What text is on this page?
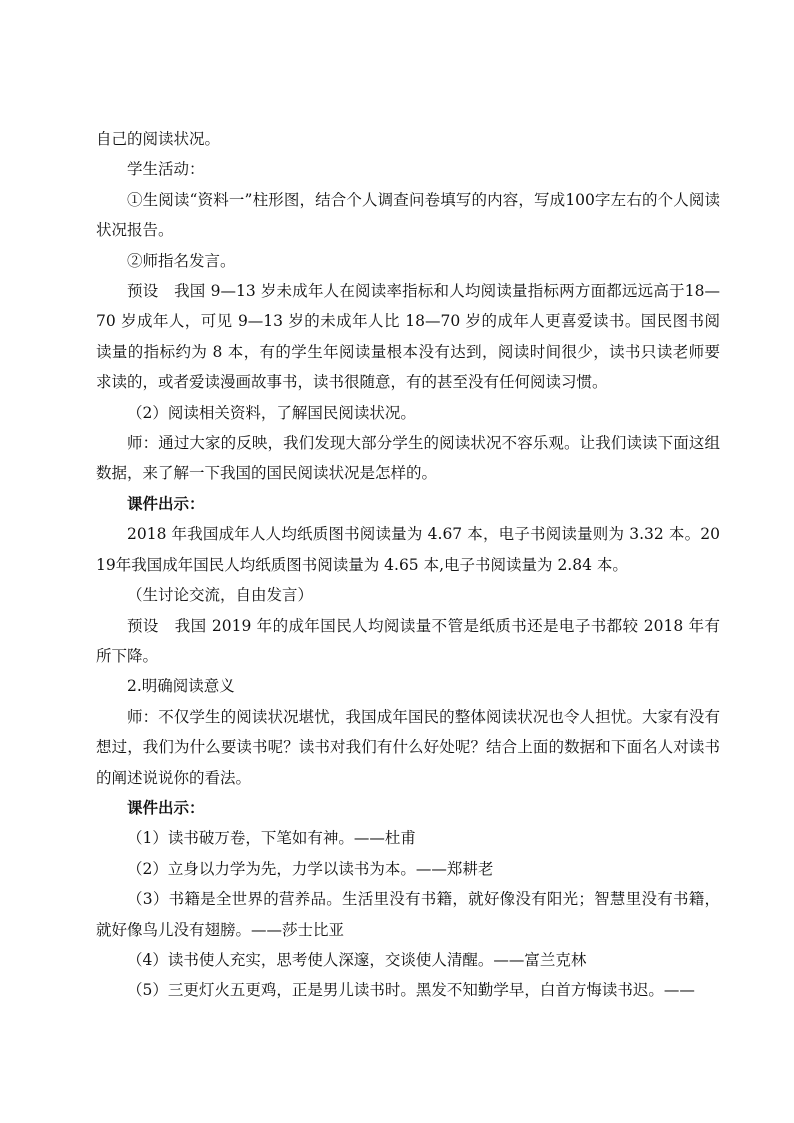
自己的阅读状况。

学生活动：

①生阅读“资料一”柱形图，结合个人调查问卷填写的内容，写成100字左右的个人阅读状况报告。

②师指名发言。

预设　我国 9—13 岁未成年人在阅读率指标和人均阅读量指标两方面都远远高于18—70 岁成年人，可见 9—13 岁的未成年人比 18—70 岁的成年人更喜爱读书。国民图书阅读量的指标约为 8 本，有的学生年阅读量根本没有达到，阅读时间很少，读书只读老师要求读的，或者爱读漫画故事书，读书很随意，有的甚至没有任何阅读习惯。

（2）阅读相关资料，了解国民阅读状况。

师：通过大家的反映，我们发现大部分学生的阅读状况不容乐观。让我们读读下面这组数据，来了解一下我国的国民阅读状况是怎样的。

课件出示：

2018 年我国成年人人均纸质图书阅读量为 4.67 本，电子书阅读量则为 3.32 本。2019年我国成年国民人均纸质图书阅读量为 4.65 本,电子书阅读量为 2.84 本。

（生讨论交流，自由发言）

预设　我国 2019 年的成年国民人均阅读量不管是纸质书还是电子书都较 2018 年有所下降。

2.明确阅读意义

师：不仅学生的阅读状况堪忧，我国成年国民的整体阅读状况也令人担忧。大家有没有想过，我们为什么要读书呢？读书对我们有什么好处呢？结合上面的数据和下面名人对读书的阐述说说你的看法。

课件出示：

（1）读书破万卷，下笔如有神。——杜甫

（2）立身以力学为先，力学以读书为本。——郑耕老

（3）书籍是全世界的营养品。生活里没有书籍，就好像没有阳光；智慧里没有书籍，就好像鸟儿没有翅膀。——莎士比亚

（4）读书使人充实，思考使人深邃，交谈使人清醒。——富兰克林

（5）三更灯火五更鸡，正是男儿读书时。黑发不知勤学早，白首方悔读书迟。——
